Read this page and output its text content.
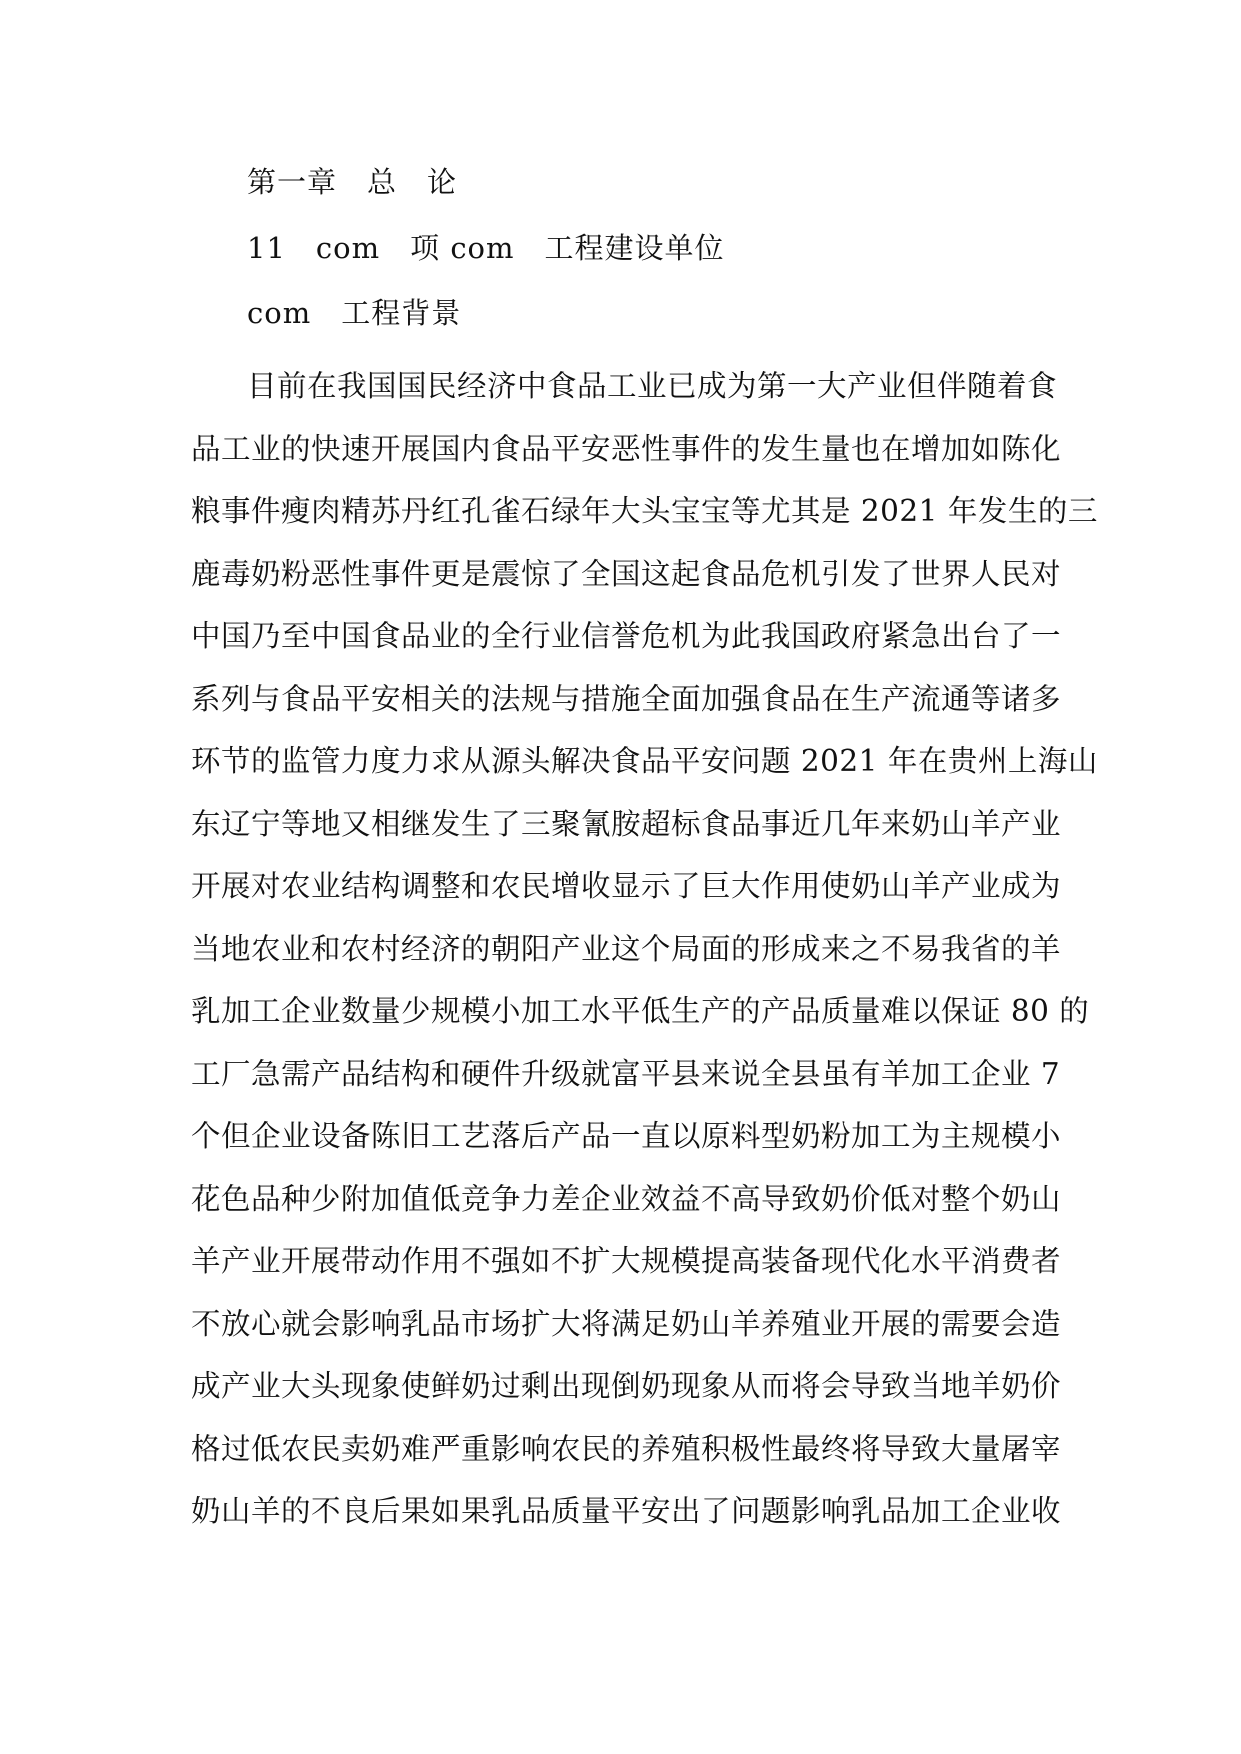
第一章　总　论
11　com　项 com　工程建设单位
com　工程背景
目前在我国国民经济中食品工业已成为第一大产业但伴随着食
品工业的快速开展国内食品平安恶性事件的发生量也在增加如陈化
粮事件瘦肉精苏丹红孔雀石绿年大头宝宝等尤其是 2021 年发生的三
鹿毒奶粉恶性事件更是震惊了全国这起食品危机引发了世界人民对
中国乃至中国食品业的全行业信誉危机为此我国政府紧急出台了一
系列与食品平安相关的法规与措施全面加强食品在生产流通等诸多
环节的监管力度力求从源头解决食品平安问题 2021 年在贵州上海山
东辽宁等地又相继发生了三聚氰胺超标食品事近几年来奶山羊产业
开展对农业结构调整和农民增收显示了巨大作用使奶山羊产业成为
当地农业和农村经济的朝阳产业这个局面的形成来之不易我省的羊
乳加工企业数量少规模小加工水平低生产的产品质量难以保证 80 的
工厂急需产品结构和硬件升级就富平县来说全县虽有羊加工企业 7
个但企业设备陈旧工艺落后产品一直以原料型奶粉加工为主规模小
花色品种少附加值低竞争力差企业效益不高导致奶价低对整个奶山
羊产业开展带动作用不强如不扩大规模提高装备现代化水平消费者
不放心就会影响乳品市场扩大将满足奶山羊养殖业开展的需要会造
成产业大头现象使鲜奶过剩出现倒奶现象从而将会导致当地羊奶价
格过低农民卖奶难严重影响农民的养殖积极性最终将导致大量屠宰
奶山羊的不良后果如果乳品质量平安出了问题影响乳品加工企业收
